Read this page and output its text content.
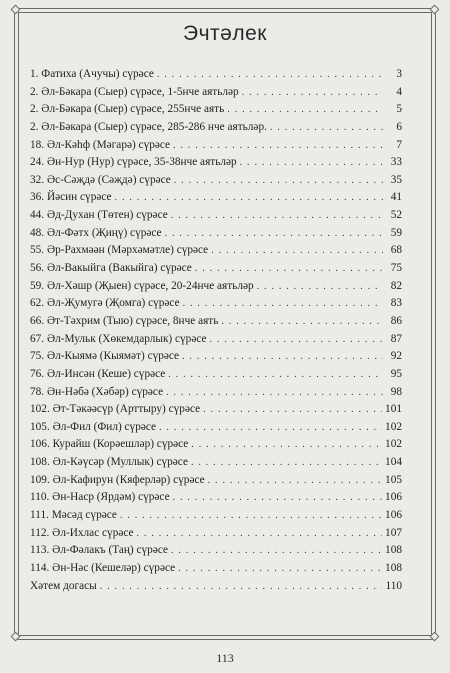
Эчтәлек
1. Фатиха (Ачучы) сүрәсе . . .	3
2. Әл-Бәкара (Сыер) сүрәсе, 1-5нче аятьләр . . .	4
2. Әл-Бәкара (Сыер) сүрәсе, 255нче аять . . .	5
2. Әл-Бәкара (Сыер) сүрәсе, 285-286 нче аятьләр. . . .	6
18. Әл-Кәһф (Мәгарә) сүрәсе . . .	7
24. Ән-Нур (Нур) сүрәсе, 35-38нче аятьләр . . .	33
32. Әс-Сәҗдә (Сәҗдә) сүрәсе . . .	35
36. Йәсин сүрәсе . . .	41
44. Әд-Духан (Төтен) сүрәсе . . .	52
48. Әл-Фәтх (Җиңү) сүрәсе . . .	59
55. Әр-Рахмәән (Мәрхәмәтле) сүрәсе . . .	68
56. Әл-Вакыйга (Вакыйга) сүрәсе . . .	75
59. Әл-Хәшр (Җыен) сүрәсе, 20-24нче аятьләр . . .	82
62. Әл-Җумугә (Җомга) сүрәсе . . .	83
66. Әт-Тәхрим (Тыю) сүрәсе, 8нче аять . . .	86
67. Әл-Мульк (Хөкемдарлык) сүрәсе . . .	87
75. Әл-Кыямә (Кыямәт) сүрәсе . . .	92
76. Әл-Инсән (Кеше) сүрәсе . . .	95
78. Ән-Нәбә (Хәбәр) сүрәсе . . .	98
102. Әт-Тәкәәсүр (Арттыру) сүрәсе . . .	101
105. Әл-Фил (Фил) сүрәсе . . .	102
106. Курайш (Корәешләр) сүрәсе . . .	102
108. Әл-Кәүсәр (Муллык) сүрәсе . . .	104
109. Әл-Кафирун (Кяферләр) сүрәсе . . .	105
110. Ән-Наср (Ярдәм) сүрәсе . . .	106
111. Мәсәд сүрәсе . . .	106
112. Әл-Ихлас сүрәсе . . .	107
113. Әл-Фәлакъ (Таң) сүрәсе . . .	108
114. Ән-Нәс (Кешеләр) сүрәсе . . .	108
Хәтем догасы . . .	110
113
